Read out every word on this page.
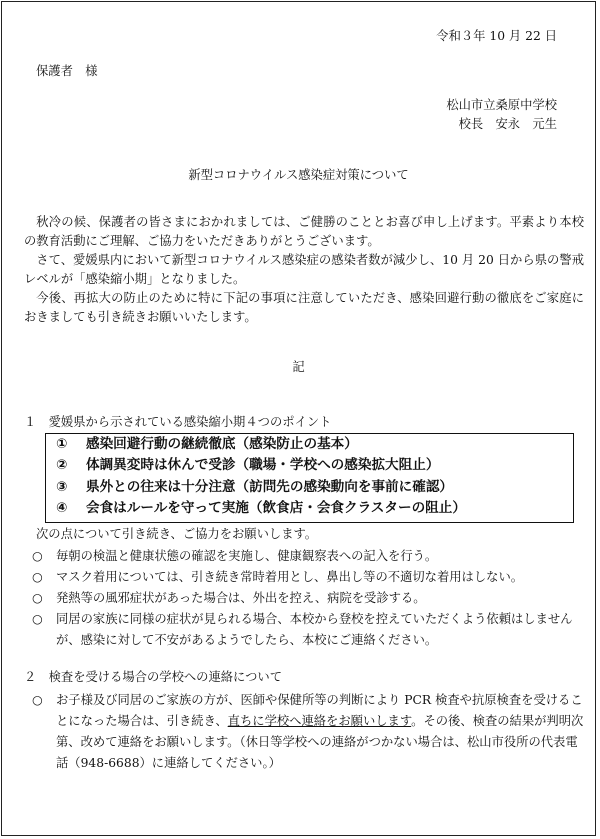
令和３年 10 月 22 日
保護者　様
松山市立桑原中学校
校長　安永　元生
新型コロナウイルス感染症対策について

秋冷の候、保護者の皆さまにおかれましては、ご健勝のこととお喜び申し上げます。平素より本校の教育活動にご理解、ご協力をいただきありがとうございます。

さて、愛媛県内において新型コロナウイルス感染症の感染者数が減少し、10 月 20 日から県の警戒レベルが「感染縮小期」となりました。

今後、再拡大の防止のために特に下記の事項に注意していただき、感染回避行動の徹底をご家庭におきましても引き続きお願いいたします。

記
１　愛媛県から示されている感染縮小期４つのポイント
①	感染回避行動の継続徹底（感染防止の基本）
②	体調異変時は休んで受診（職場・学校への感染拡大阻止）
③	県外との往来は十分注意（訪問先の感染動向を事前に確認）
④	会食はルールを守って実施（飲食店・会食クラスターの阻止）
次の点について引き続き、ご協力をお願いします。
○	毎朝の検温と健康状態の確認を実施し、健康観察表への記入を行う。
○	マスク着用については、引き続き常時着用とし、鼻出し等の不適切な着用はしない。
○	発熱等の風邪症状があった場合は、外出を控え、病院を受診する。
○	同居の家族に同様の症状が見られる場合、本校から登校を控えていただくよう依頼はしませんが、感染に対して不安があるようでしたら、本校にご連絡ください。
２　検査を受ける場合の学校への連絡について
○	お子様及び同居のご家族の方が、医師や保健所等の判断により PCR 検査や抗原検査を受けることになった場合は、引き続き、直ちに学校へ連絡をお願いします。その後、検査の結果が判明次第、改めて連絡をお願いします。（休日等学校への連絡がつかない場合は、松山市役所の代表電話（948-6688）に連絡してください。）
